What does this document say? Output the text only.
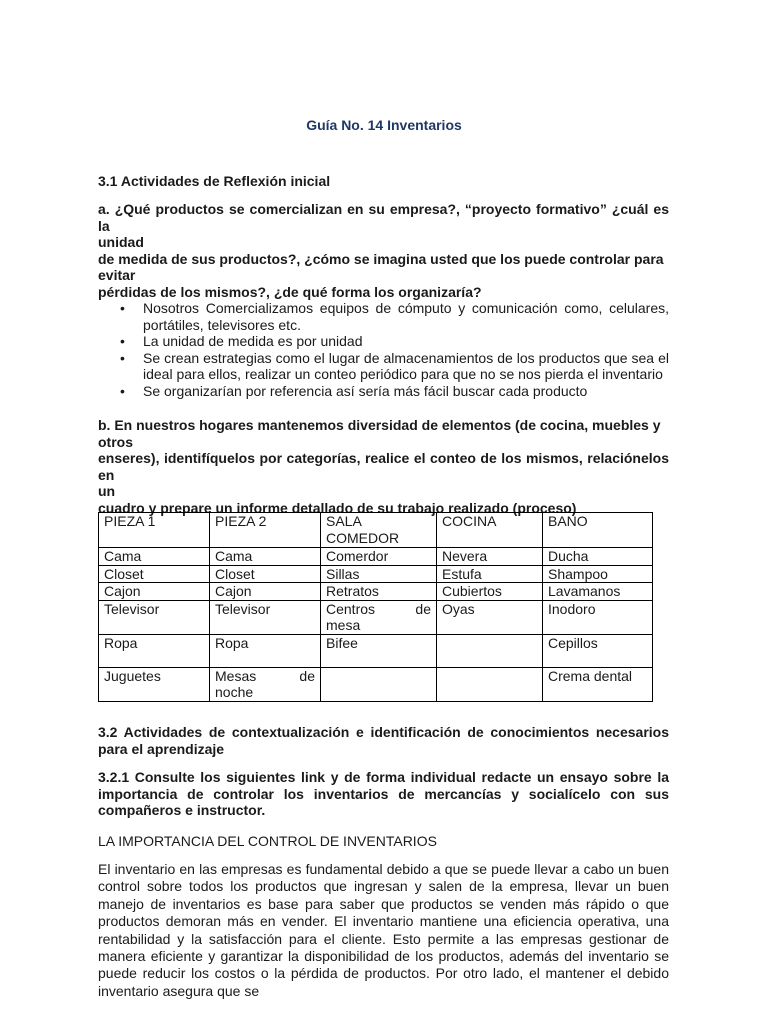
Guía No. 14 Inventarios

3.1 Actividades de Reflexión inicial

a. ¿Qué productos se comercializan en su empresa?, “proyecto formativo” ¿cuál es la

unidad

de medida de sus productos?, ¿cómo se imagina usted que los puede controlar para

evitar

pérdidas de los mismos?, ¿de qué forma los organizaría?

• Nosotros Comercializamos equipos de cómputo y comunicación como, celulares, portátiles, televisores etc.
• La unidad de medida es por unidad
• Se crean estrategias como el lugar de almacenamientos de los productos que sea el ideal para ellos, realizar un conteo periódico para que no se nos pierda el inventario
• Se organizarían por referencia así sería más fácil buscar cada producto

b. En nuestros hogares mantenemos diversidad de elementos (de cocina, muebles y

otros

enseres), identifíquelos por categorías, realice el conteo de los mismos, relaciónelos en

un

cuadro y prepare un informe detallado de su trabajo realizado (proceso)

PIEZA 1	PIEZA 2	SALA COMEDOR	COCINA	BANO
Cama	Cama	Comerdor	Nevera	Ducha
Closet	Closet	Sillas	Estufa	Shampoo
Cajon	Cajon	Retratos	Cubiertos	Lavamanos
Televisor	Televisor	Centros de mesa	Oyas	Inodoro
Ropa	Ropa	Bifee		Cepillos
Juguetes	Mesas de noche			Crema dental

3.2 Actividades de contextualización e identificación de conocimientos necesarios para el aprendizaje

3.2.1 Consulte los siguientes link y de forma individual redacte un ensayo sobre la importancia de controlar los inventarios de mercancías y socialícelo con sus compañeros e instructor.

LA IMPORTANCIA DEL CONTROL DE INVENTARIOS

El inventario en las empresas es fundamental debido a que se puede llevar a cabo un buen control sobre todos los productos que ingresan y salen de la empresa, llevar un buen manejo de inventarios es base para saber que productos se venden más rápido o que productos demoran más en vender. El inventario mantiene una eficiencia operativa, una rentabilidad y la satisfacción para el cliente. Esto permite a las empresas gestionar de manera eficiente y garantizar la disponibilidad de los productos, además del inventario se puede reducir los costos o la pérdida de productos. Por otro lado, el mantener el debido inventario asegura que se
